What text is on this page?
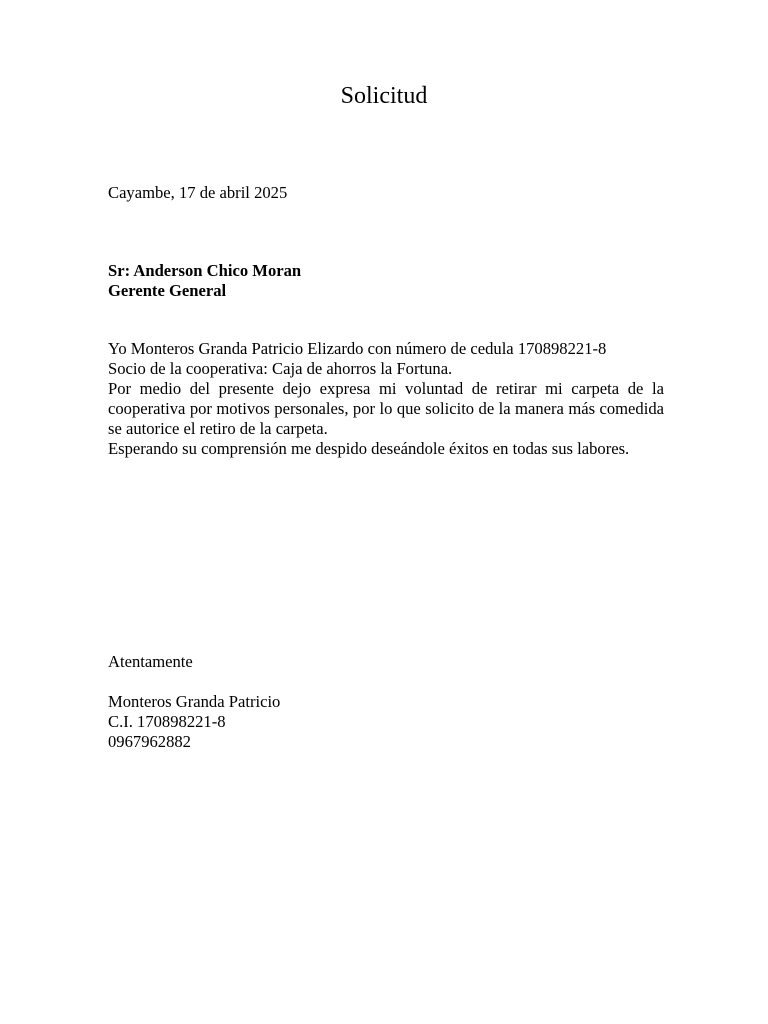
Solicitud
Cayambe, 17 de abril 2025
Sr: Anderson Chico Moran
Gerente General

Yo Monteros Granda Patricio Elizardo con número de cedula 170898221-8

Socio de la cooperativa: Caja de ahorros la Fortuna.

Por medio del presente dejo expresa mi voluntad de retirar mi carpeta de la cooperativa por motivos personales, por lo que solicito de la manera más comedida se autorice el retiro de la carpeta.

Esperando su comprensión me despido deseándole éxitos en todas sus labores.

Atentamente
Monteros Granda Patricio
C.I. 170898221-8
0967962882
